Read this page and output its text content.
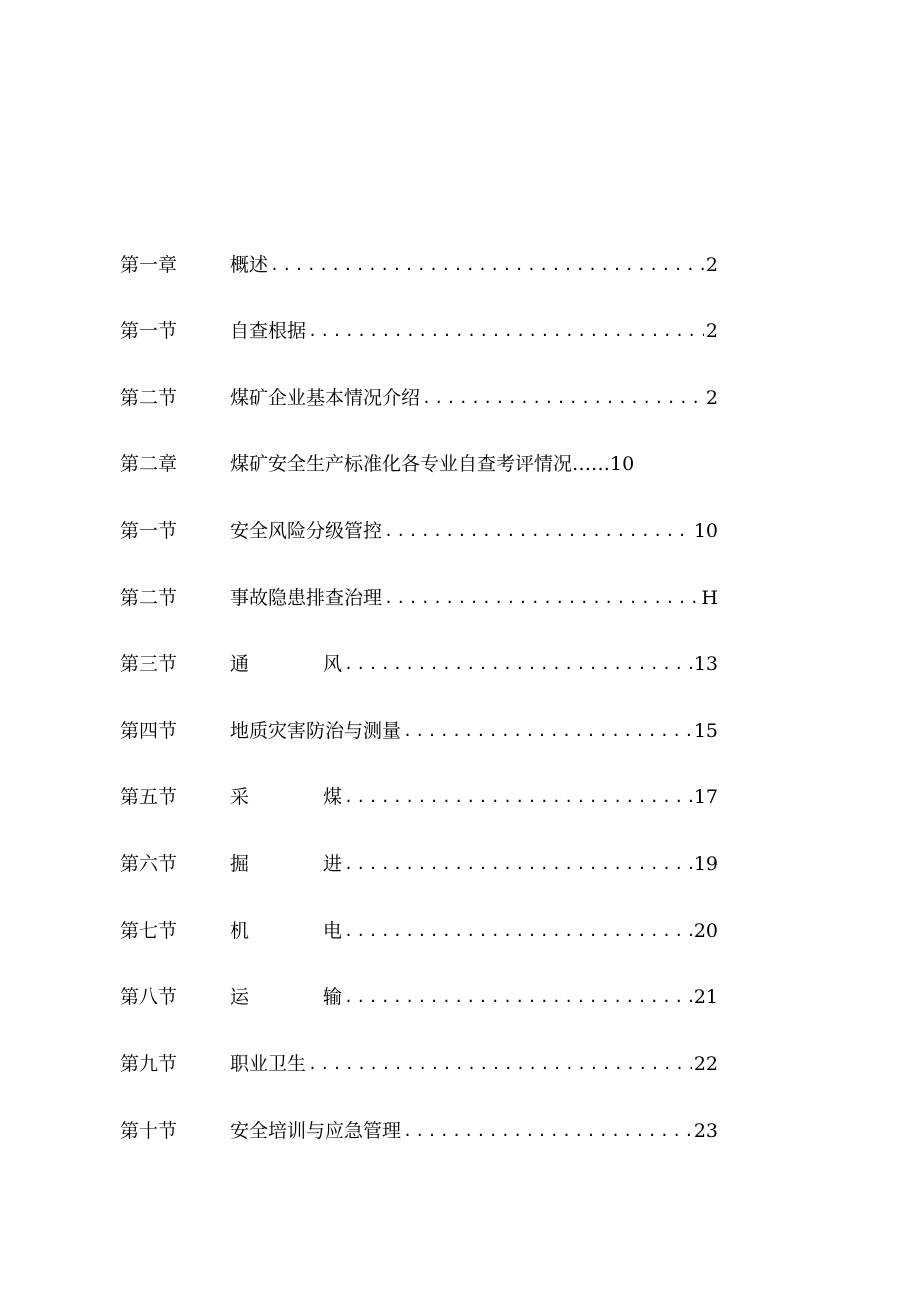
第一章	概述 .....	2
第一节	自查根据 .....	2
第二节	煤矿企业基本情况介绍 .....	2
第二章	煤矿安全生产标准化各专业自查考评情况 ……10
第一节	安全风险分级管控 .....	10
第二节	事故隐患排查治理 .....	H
第三节	通	风 .....	13
第四节	地质灾害防治与测量 .....	15
第五节	采	煤 .....	17
第六节	掘	进 .....	19
第七节	机	电 .....	20
第八节	运	输 .....	21
第九节	职业卫生 .....	22
第十节	安全培训与应急管理 .....	23
